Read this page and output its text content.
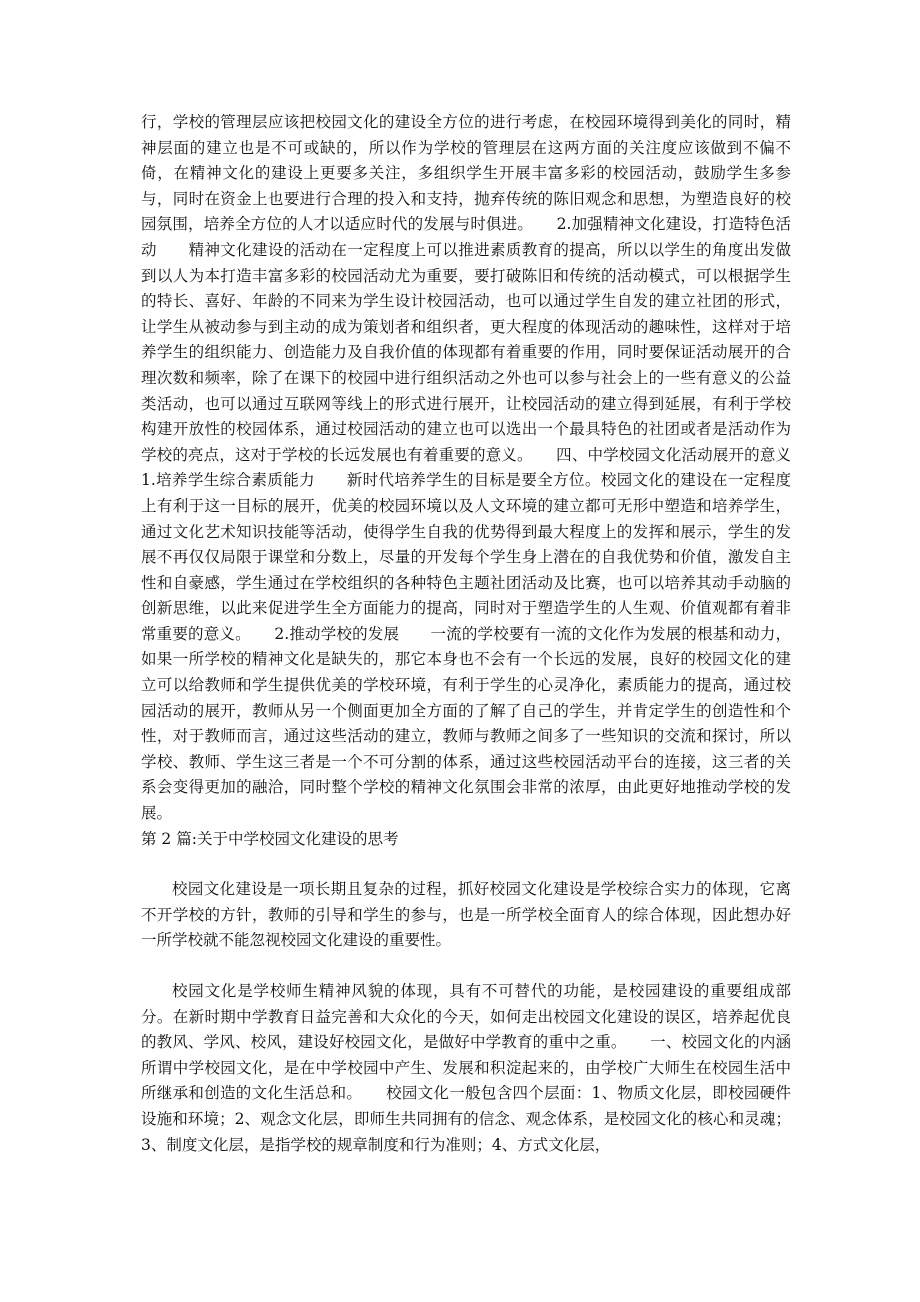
行，学校的管理层应该把校园文化的建设全方位的进行考虑，在校园环境得到美化的同时，精神层面的建立也是不可或缺的，所以作为学校的管理层在这两方面的关注度应该做到不偏不倚，在精神文化的建设上更要多关注，多组织学生开展丰富多彩的校园活动，鼓励学生多参与，同时在资金上也要进行合理的投入和支持，抛弃传统的陈旧观念和思想，为塑造良好的校园氛围，培养全方位的人才以适应时代的发展与时俱进。　　2.加强精神文化建设，打造特色活动　　精神文化建设的活动在一定程度上可以推进素质教育的提高，所以以学生的角度出发做到以人为本打造丰富多彩的校园活动尤为重要，要打破陈旧和传统的活动模式，可以根据学生的特长、喜好、年龄的不同来为学生设计校园活动，也可以通过学生自发的建立社团的形式，让学生从被动参与到主动的成为策划者和组织者，更大程度的体现活动的趣味性，这样对于培养学生的组织能力、创造能力及自我价值的体现都有着重要的作用，同时要保证活动展开的合理次数和频率，除了在课下的校园中进行组织活动之外也可以参与社会上的一些有意义的公益类活动，也可以通过互联网等线上的形式进行展开，让校园活动的建立得到延展，有利于学校构建开放性的校园体系，通过校园活动的建立也可以选出一个最具特色的社团或者是活动作为学校的亮点，这对于学校的长远发展也有着重要的意义。　　四、中学校园文化活动展开的意义　　1.培养学生综合素质能力　　新时代培养学生的目标是要全方位。校园文化的建设在一定程度上有利于这一目标的展开，优美的校园环境以及人文环境的建立都可无形中塑造和培养学生，通过文化艺术知识技能等活动，使得学生自我的优势得到最大程度上的发挥和展示，学生的发展不再仅仅局限于课堂和分数上，尽量的开发每个学生身上潜在的自我优势和价值，激发自主性和自豪感，学生通过在学校组织的各种特色主题社团活动及比赛，也可以培养其动手动脑的创新思维，以此来促进学生全方面能力的提高，同时对于塑造学生的人生观、价值观都有着非常重要的意义。　　2.推动学校的发展　　一流的学校要有一流的文化作为发展的根基和动力，如果一所学校的精神文化是缺失的，那它本身也不会有一个长远的发展，良好的校园文化的建立可以给教师和学生提供优美的学校环境，有利于学生的心灵净化，素质能力的提高，通过校园活动的展开，教师从另一个侧面更加全方面的了解了自己的学生，并肯定学生的创造性和个性，对于教师而言，通过这些活动的建立，教师与教师之间多了一些知识的交流和探讨，所以学校、教师、学生这三者是一个不可分割的体系，通过这些校园活动平台的连接，这三者的关系会变得更加的融洽，同时整个学校的精神文化氛围会非常的浓厚，由此更好地推动学校的发展。

第 2 篇:关于中学校园文化建设的思考

校园文化建设是一项长期且复杂的过程，抓好校园文化建设是学校综合实力的体现，它离不开学校的方针，教师的引导和学生的参与，也是一所学校全面育人的综合体现，因此想办好一所学校就不能忽视校园文化建设的重要性。

校园文化是学校师生精神风貌的体现，具有不可替代的功能，是校园建设的重要组成部分。在新时期中学教育日益完善和大众化的今天，如何走出校园文化建设的误区，培养起优良的教风、学风、校风，建设好校园文化，是做好中学教育的重中之重。　　一、校园文化的内涵　　所谓中学校园文化，是在中学校园中产生、发展和积淀起来的，由学校广大师生在校园生活中所继承和创造的文化生活总和。　　校园文化一般包含四个层面：1、物质文化层，即校园硬件设施和环境；2、观念文化层，即师生共同拥有的信念、观念体系，是校园文化的核心和灵魂；3、制度文化层，是指学校的规章制度和行为准则；4、方式文化层，
